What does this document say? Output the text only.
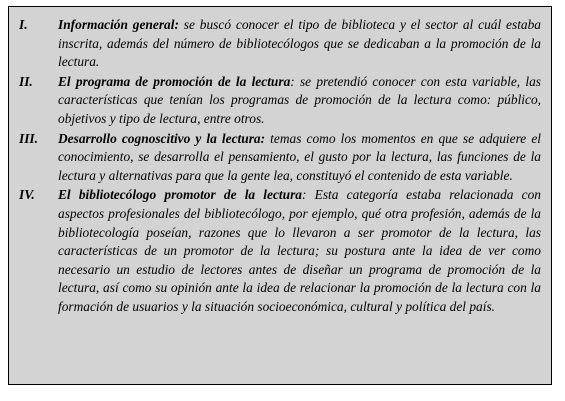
I.	Información general: se buscó conocer el tipo de biblioteca y el sector al cuál estaba inscrita, además del número de bibliotecólogos que se dedicaban a la promoción de la lectura.
II.	El programa de promoción de la lectura: se pretendió conocer con esta variable, las características que tenían los programas de promoción de la lectura como: público, objetivos y tipo de lectura, entre otros.
III.	Desarrollo cognoscitivo y la lectura: temas como los momentos en que se adquiere el conocimiento, se desarrolla el pensamiento, el gusto por la lectura, las funciones de la lectura y alternativas para que la gente lea, constituyó el contenido de esta variable.
IV.	El bibliotecólogo promotor de la lectura: Esta categoría estaba relacionada con aspectos profesionales del bibliotecólogo, por ejemplo, qué otra profesión, además de la bibliotecología poseían, razones que lo llevaron a ser promotor de la lectura, las características de un promotor de la lectura; su postura ante la idea de ver como necesario un estudio de lectores antes de diseñar un programa de promoción de la lectura, así como su opinión ante la idea de relacionar la promoción de la lectura con la formación de usuarios y la situación socioeconómica, cultural y política del país.
